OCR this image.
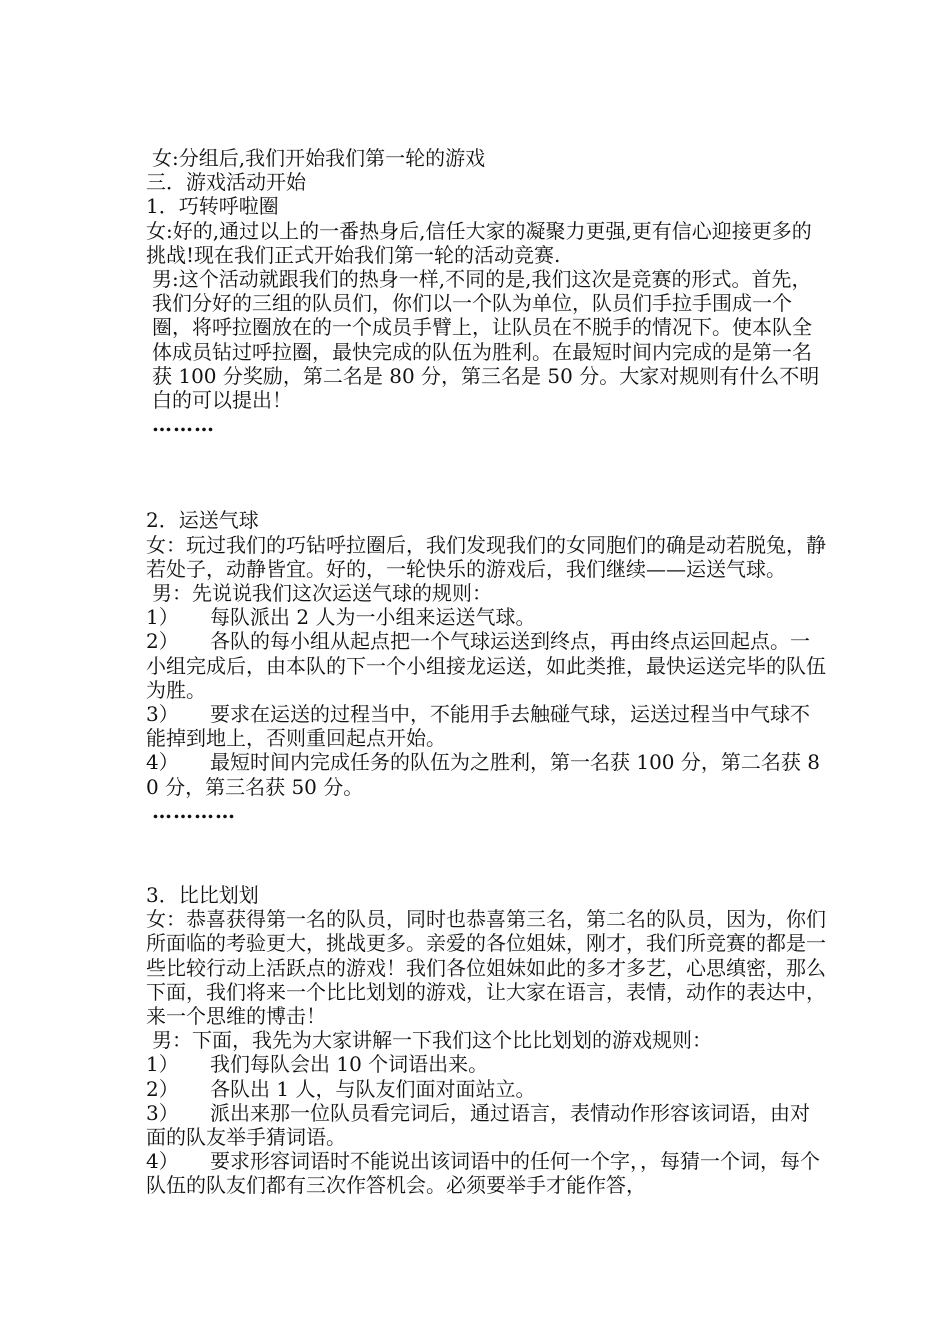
女:分组后,我们开始我们第一轮的游戏
三．游戏活动开始
1．巧转呼啦圈
女:好的,通过以上的一番热身后,信任大家的凝聚力更强,更有信心迎接更多的挑战!现在我们正式开始我们第一轮的活动竞赛.
男:这个活动就跟我们的热身一样,不同的是,我们这次是竞赛的形式。首先，我们分好的三组的队员们，你们以一个队为单位，队员们手拉手围成一个圈，将呼拉圈放在的一个成员手臂上，让队员在不脱手的情况下。使本队全体成员钻过呼拉圈，最快完成的队伍为胜利。在最短时间内完成的是第一名获 100 分奖励，第二名是 80 分，第三名是 50 分。大家对规则有什么不明白的可以提出！
………
2．运送气球
女：玩过我们的巧钻呼拉圈后，我们发现我们的女同胞们的确是动若脱兔，静若处子，动静皆宜。好的，一轮快乐的游戏后，我们继续——运送气球。
男：先说说我们这次运送气球的规则：
1） 每队派出 2 人为一小组来运送气球。
2） 各队的每小组从起点把一个气球运送到终点，再由终点运回起点。一小组完成后，由本队的下一个小组接龙运送，如此类推，最快运送完毕的队伍为胜。
3） 要求在运送的过程当中，不能用手去触碰气球，运送过程当中气球不能掉到地上，否则重回起点开始。
4） 最短时间内完成任务的队伍为之胜利，第一名获 100 分，第二名获 80 分，第三名获 50 分。
…………
3．比比划划
女：恭喜获得第一名的队员，同时也恭喜第三名，第二名的队员，因为，你们所面临的考验更大，挑战更多。亲爱的各位姐妹，刚才，我们所竞赛的都是一些比较行动上活跃点的游戏！我们各位姐妹如此的多才多艺，心思缜密，那么下面，我们将来一个比比划划的游戏，让大家在语言，表情，动作的表达中，来一个思维的博击！
男：下面，我先为大家讲解一下我们这个比比划划的游戏规则：
1） 我们每队会出 10 个词语出来。
2） 各队出 1 人，与队友们面对面站立。
3） 派出来那一位队员看完词后，通过语言，表情动作形容该词语，由对面的队友举手猜词语。
4） 要求形容词语时不能说出该词语中的任何一个字，，每猜一个词，每个队伍的队友们都有三次作答机会。必须要举手才能作答，
